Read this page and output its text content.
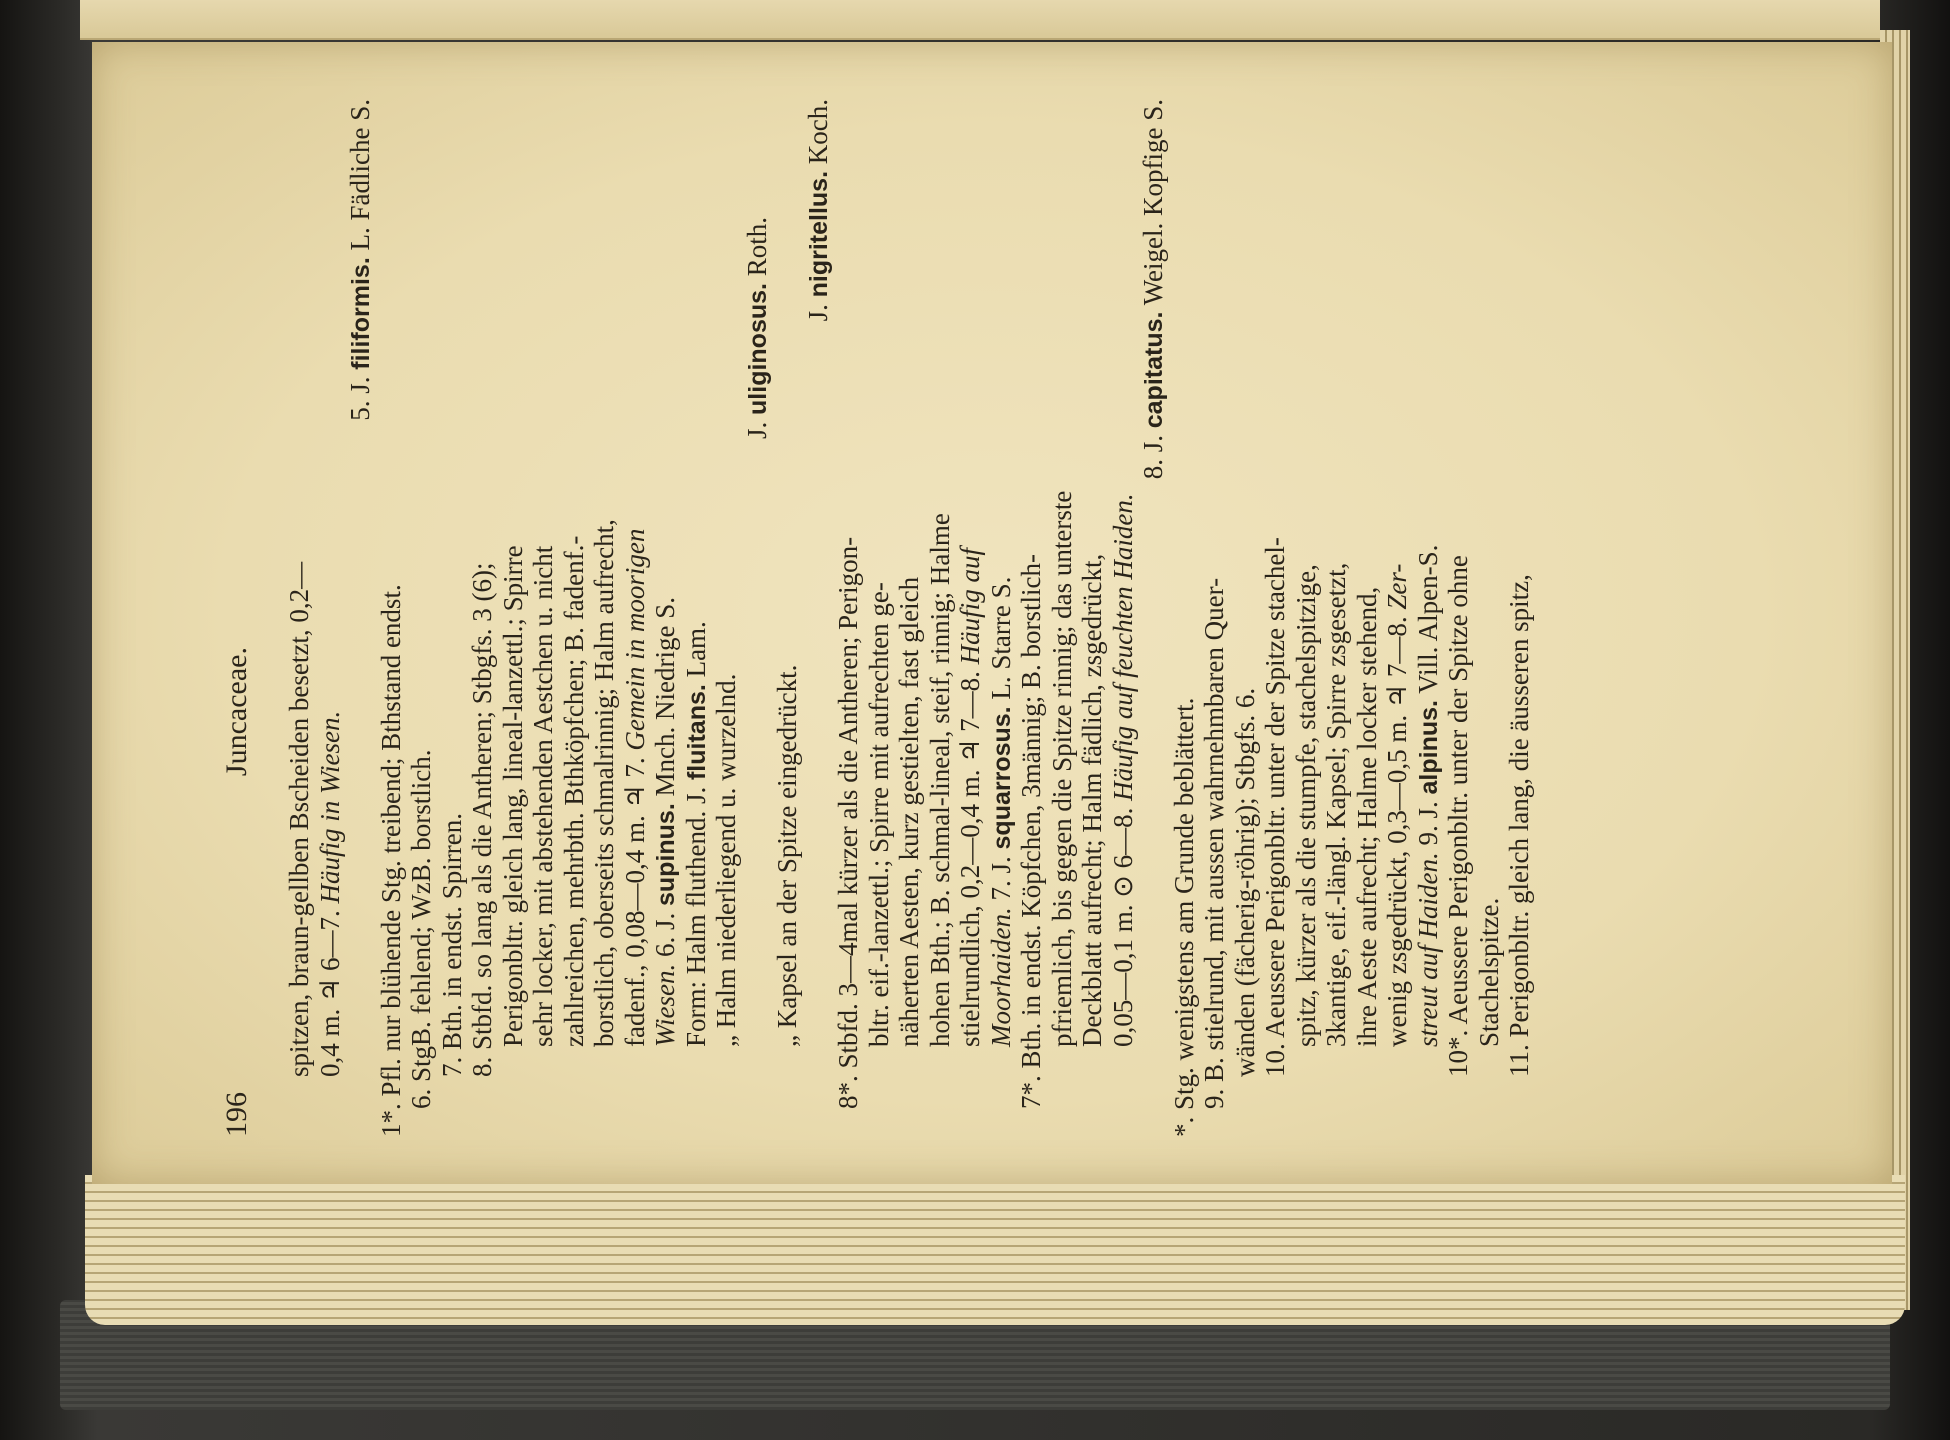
196
Juncaceae. spitzen, braun-gellben Bscheiden besetzt, 0,2— 0,4 m. ♃ 6—7. Häufig in Wiesen.
5. J. filiformis. L. Fädliche S.
1*. Pfl. nur blühende Stg. treibend; Bthstand endst. 6. StgB. fehlend; WzB. borstlich. 7. Bth. in endst. Spirren. 8. Stbfd. so lang als die Antheren; Stbgfs. 3 (6); Perigonbltr. gleich lang, lineal-lanzettl.; Spirre sehr locker, mit abstehenden Aestchen u. nicht zahlreichen, mehrbth. Bthköpfchen; B. fadenf.- borstlich, oberseits schmalrinnig; Halm aufrecht, fadenf., 0,08—0,4 m. ♃ 7. Gemein in moorigen
Wiesen. 6. J. supinus. Mnch. Niedrige S.
Form: Halm fluthend. J. fluitans. Lam.
„ Halm niederliegend u. wurzelnd.
J. uliginosus. Roth.
„ Kapsel an der Spitze eingedrückt.
J. nigritellus. Koch.
8*. Stbfd. 3—4mal kürzer als die Antheren; Perigon- bltr. eif.-lanzettl.; Spirre mit aufrechten ge- näherten Aesten, kurz gestielten, fast gleich hohen Bth.; B. schmal-lineal, steif, rinnig; Halme stielrundlich, 0,2—0,4 m. ♃ 7—8. Häufig auf
Moorhaiden. 7. J. squarrosus. L. Starre S. 7*. Bth. in endst. Köpfchen, 3männig; B. borstlich- pfriemlich, bis gegen die Spitze rinnig; das unterste Deckblatt aufrecht; Halm fädlich, zsgedrückt, 0,05—0,1 m. ⊙ 6—8. Häufig auf feuchten Haiden.
8. J. capitatus. Weigel. Kopfige S.
*. Stg. wenigstens am Grunde beblättert. 9. B. stielrund, mit aussen wahrnehmbaren Quer- wänden (fächerig-röhrig); Stbgfs. 6. 10. Aeussere Perigonbltr. unter der Spitze stachel- spitz, kürzer als die stumpfe, stachelspitzige, 3kantige, eif.-längl. Kapsel; Spirre zsgesetzt, ihre Aeste aufrecht; Halme locker stehend, wenig zsgedrückt, 0,3—0,5 m. ♃ 7—8. Zer-
streut auf Haiden. 9. J. alpinus. Vill. Alpen-S. 10*. Aeussere Perigonbltr. unter der Spitze ohne Stachelspitze. 11. Perigonbltr. gleich lang, die äusseren spitz,
